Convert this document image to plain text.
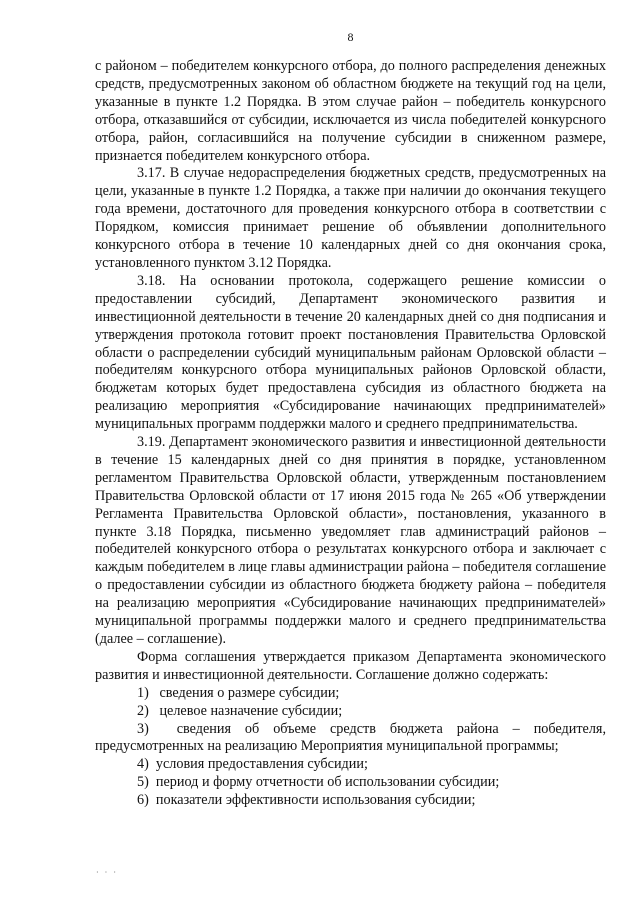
8

с районом – победителем конкурсного отбора, до полного распределения денежных средств, предусмотренных законом об областном бюджете на текущий год на цели, указанные в пункте 1.2 Порядка. В этом случае район – победитель конкурсного отбора, отказавшийся от субсидии, исключается из числа победителей конкурсного отбора, район, согласившийся на получение субсидии в сниженном размере, признается победителем конкурсного отбора.

3.17. В случае недораспределения бюджетных средств, предусмотренных на цели, указанные в пункте 1.2 Порядка, а также при наличии до окончания текущего года времени, достаточного для проведения конкурсного отбора в соответствии с Порядком, комиссия принимает решение об объявлении дополнительного конкурсного отбора в течение 10 календарных дней со дня окончания срока, установленного пунктом 3.12 Порядка.

3.18. На основании протокола, содержащего решение комиссии о предоставлении субсидий, Департамент экономического развития и инвестиционной деятельности в течение 20 календарных дней со дня подписания и утверждения протокола готовит проект постановления Правительства Орловской области о распределении субсидий муниципальным районам Орловской области – победителям конкурсного отбора муниципальных районов Орловской области, бюджетам которых будет предоставлена субсидия из областного бюджета на реализацию мероприятия «Субсидирование начинающих предпринимателей» муниципальных программ поддержки малого и среднего предпринимательства.

3.19. Департамент экономического развития и инвестиционной деятельности в течение 15 календарных дней со дня принятия в порядке, установленном регламентом Правительства Орловской области, утвержденным постановлением Правительства Орловской области от 17 июня 2015 года № 265 «Об утверждении Регламента Правительства Орловской области», постановления, указанного в пункте 3.18 Порядка, письменно уведомляет глав администраций районов – победителей конкурсного отбора о результатах конкурсного отбора и заключает с каждым победителем в лице главы администрации района – победителя соглашение о предоставлении субсидии из областного бюджета бюджету района – победителя на реализацию мероприятия «Субсидирование начинающих предпринимателей» муниципальной программы поддержки малого и среднего предпринимательства (далее – соглашение).

Форма соглашения утверждается приказом Департамента экономического развития и инвестиционной деятельности. Соглашение должно содержать:

1)   сведения о размере субсидии;

2)   целевое назначение субсидии;

3)  сведения об объеме средств бюджета района – победителя, предусмотренных на реализацию Мероприятия муниципальной программы;

4)  условия предоставления субсидии;

5)  период и форму отчетности об использовании субсидии;

6)  показатели эффективности использования субсидии;

· · ·
